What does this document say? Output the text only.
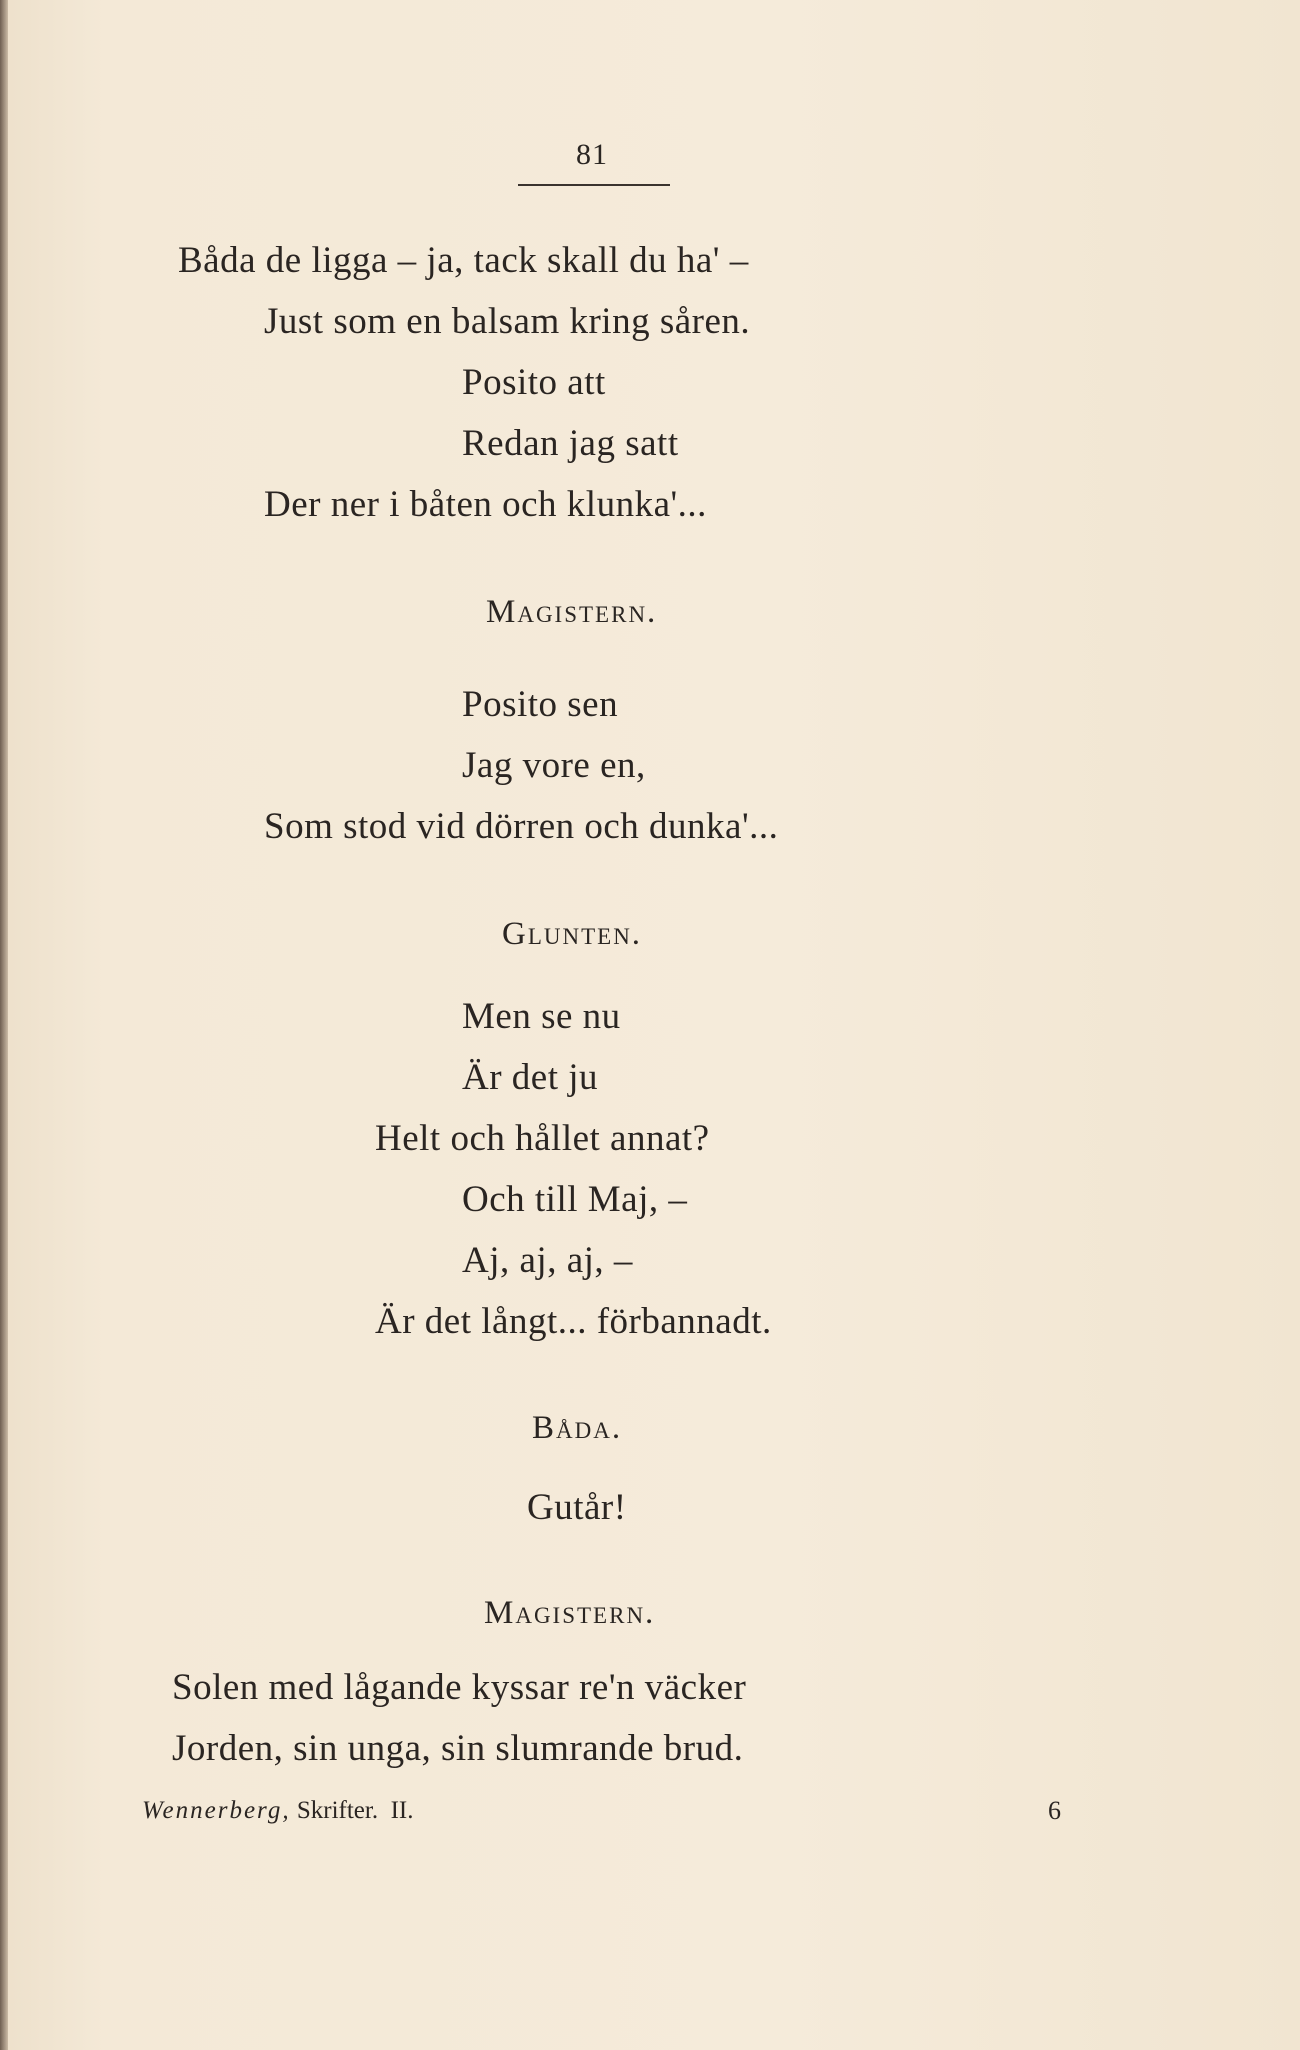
81
Båda de ligga – ja, tack skall du ha' –
Just som en balsam kring såren.
Posito att
Redan jag satt
Der ner i båten och klunka'...
Magistern.
Posito sen
Jag vore en,
Som stod vid dörren och dunka'...
Glunten.
Men se nu
Är det ju
Helt och hållet annat?
Och till Maj, –
Aj, aj, aj, –
Är det långt... förbannadt.
Båda.
Gutår!
Magistern.
Solen med lågande kyssar re'n väcker
Jorden, sin unga, sin slumrande brud.
Wennerberg, Skrifter.  II.	6
